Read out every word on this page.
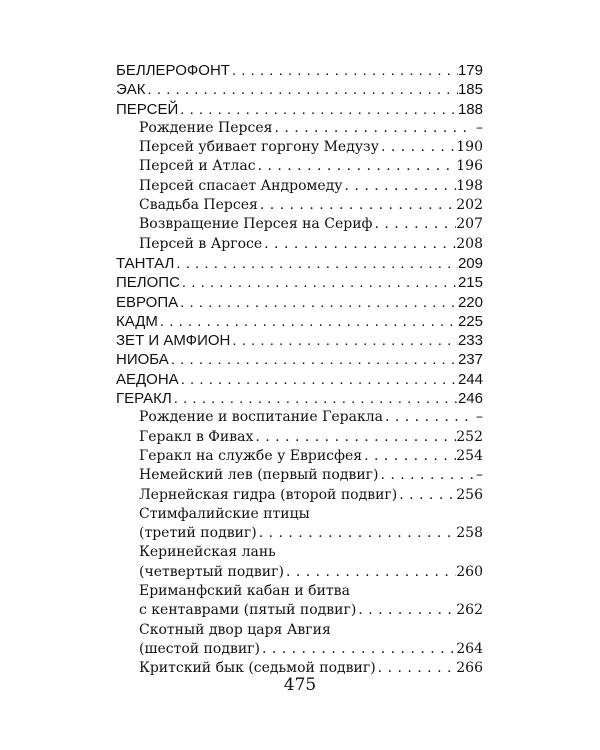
БЕЛЛЕРОФОНТ . . .	179
ЭАК . . .	185
ПЕРСЕЙ . . .	188
Рождение Персея . . .	–
Персей убивает горгону Медузу . . .	190
Персей и Атлас . . .	196
Персей спасает Андромеду . . .	198
Свадьба Персея . . .	202
Возвращение Персея на Сериф . . .	207
Персей в Аргосе . . .	208
ТАНТАЛ . . .	209
ПЕЛОПС . . .	215
ЕВРОПА . . .	220
КАДМ . . .	225
ЗЕТ И АМФИОН . . .	233
НИОБА . . .	237
АЕДОНА . . .	244
ГЕРАКЛ . . .	246
Рождение и воспитание Геракла . . .	–
Геракл в Фивах . . .	252
Геракл на службе у Еврисфея . . .	254
Немейский лев (первый подвиг) . . .	–
Лернейская гидра (второй подвиг) . . .	256
Стимфалийские птицы
(третий подвиг) . . .	258
Керинейская лань
(четвертый подвиг) . . .	260
Ериманфский кабан и битва
с кентаврами (пятый подвиг) . . .	262
Скотный двор царя Авгия
(шестой подвиг) . . .	264
Критский бык (седьмой подвиг) . . .	266
475
